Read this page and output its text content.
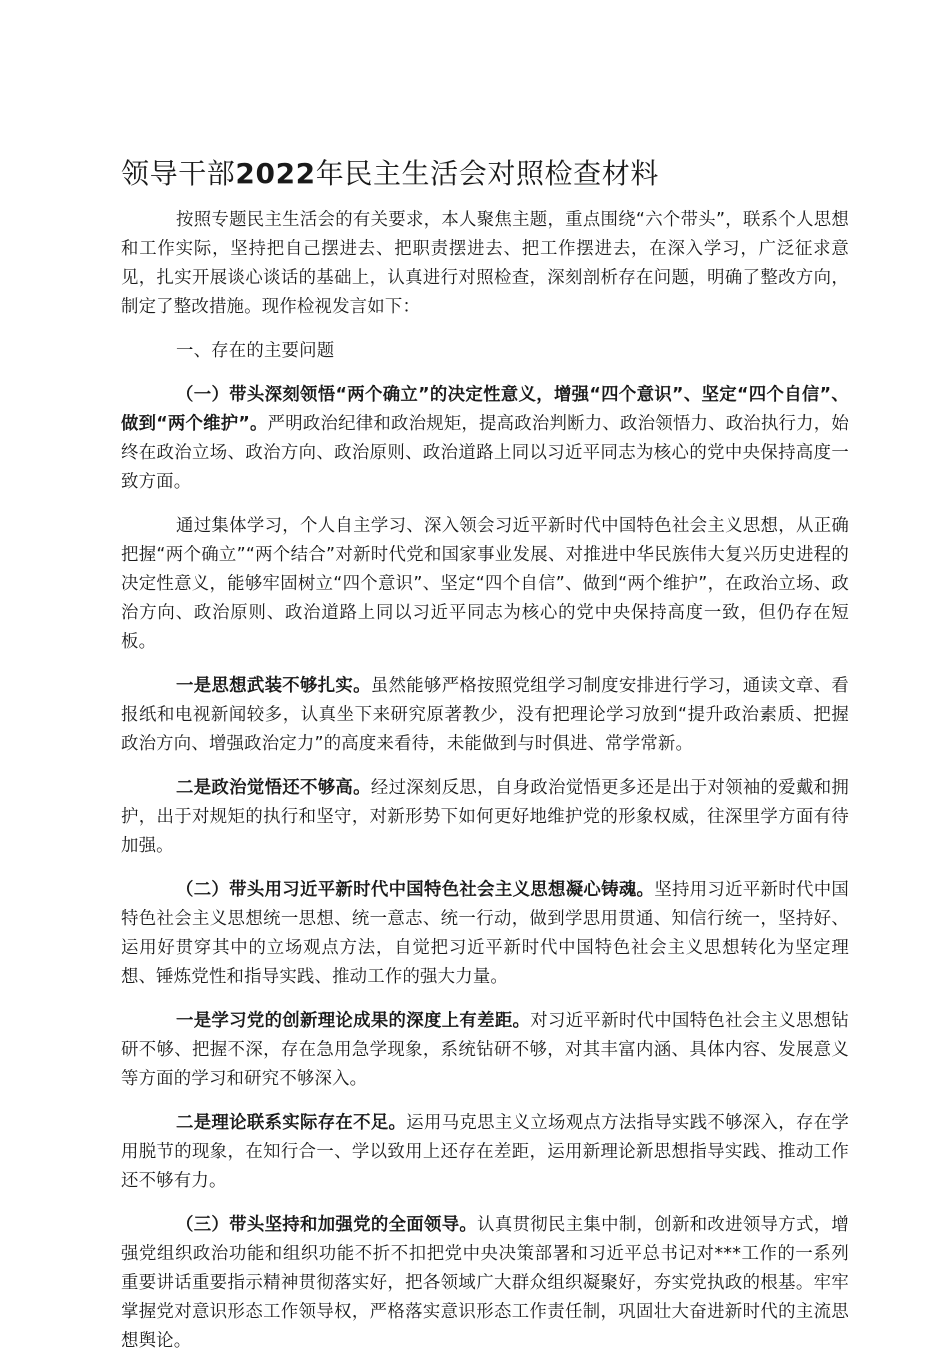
领导干部2022年民主生活会对照检查材料

按照专题民主生活会的有关要求，本人聚焦主题，重点围绕“六个带头”，联系个人思想和工作实际，坚持把自己摆进去、把职责摆进去、把工作摆进去，在深入学习，广泛征求意见，扎实开展谈心谈话的基础上，认真进行对照检查，深刻剖析存在问题，明确了整改方向，制定了整改措施。现作检视发言如下：

一、存在的主要问题

（一）带头深刻领悟“两个确立”的决定性意义，增强“四个意识”、坚定“四个自信”、做到“两个维护”。严明政治纪律和政治规矩，提高政治判断力、政治领悟力、政治执行力，始终在政治立场、政治方向、政治原则、政治道路上同以习近平同志为核心的党中央保持高度一致方面。

通过集体学习，个人自主学习、深入领会习近平新时代中国特色社会主义思想，从正确把握“两个确立”“两个结合”对新时代党和国家事业发展、对推进中华民族伟大复兴历史进程的决定性意义，能够牢固树立“四个意识”、坚定“四个自信”、做到“两个维护”，在政治立场、政治方向、政治原则、政治道路上同以习近平同志为核心的党中央保持高度一致，但仍存在短板。

一是思想武装不够扎实。虽然能够严格按照党组学习制度安排进行学习，通读文章、看报纸和电视新闻较多，认真坐下来研究原著教少，没有把理论学习放到“提升政治素质、把握政治方向、增强政治定力”的高度来看待，未能做到与时俱进、常学常新。

二是政治觉悟还不够高。经过深刻反思，自身政治觉悟更多还是出于对领袖的爱戴和拥护，出于对规矩的执行和坚守，对新形势下如何更好地维护党的形象权威，往深里学方面有待加强。

（二）带头用习近平新时代中国特色社会主义思想凝心铸魂。坚持用习近平新时代中国特色社会主义思想统一思想、统一意志、统一行动，做到学思用贯通、知信行统一，坚持好、运用好贯穿其中的立场观点方法，自觉把习近平新时代中国特色社会主义思想转化为坚定理想、锤炼党性和指导实践、推动工作的强大力量。

一是学习党的创新理论成果的深度上有差距。对习近平新时代中国特色社会主义思想钻研不够、把握不深，存在急用急学现象，系统钻研不够，对其丰富内涵、具体内容、发展意义等方面的学习和研究不够深入。

二是理论联系实际存在不足。运用马克思主义立场观点方法指导实践不够深入，存在学用脱节的现象，在知行合一、学以致用上还存在差距，运用新理论新思想指导实践、推动工作还不够有力。

（三）带头坚持和加强党的全面领导。认真贯彻民主集中制，创新和改进领导方式，增强党组织政治功能和组织功能不折不扣把党中央决策部署和习近平总书记对***工作的一系列重要讲话重要指示精神贯彻落实好，把各领域广大群众组织凝聚好，夯实党执政的根基。牢牢掌握党对意识形态工作领导权，严格落实意识形态工作责任制，巩固壮大奋进新时代的主流思想舆论。
